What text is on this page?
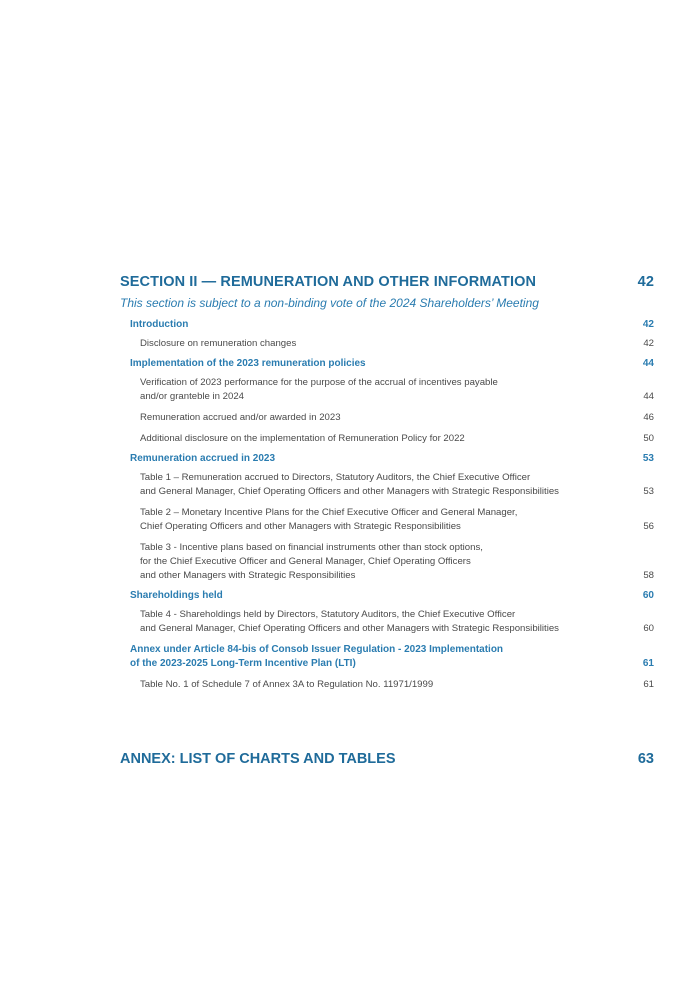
SECTION II — REMUNERATION AND OTHER INFORMATION	42
This section is subject to a non-binding vote of the 2024 Shareholders’ Meeting
Introduction	42
Disclosure on remuneration changes	42
Implementation of the 2023 remuneration policies	44
Verification of 2023 performance for the purpose of the accrual of incentives payable
and/or granteble in 2024	44
Remuneration accrued and/or awarded in 2023	46
Additional disclosure on the implementation of Remuneration Policy for 2022	50
Remuneration accrued in 2023	53
Table 1 – Remuneration accrued to Directors, Statutory Auditors, the Chief Executive Officer
and General Manager, Chief Operating Officers and other Managers with Strategic Responsibilities	53
Table 2 – Monetary Incentive Plans for the Chief Executive Officer and General Manager,
Chief Operating Officers and other Managers with Strategic Responsibilities	56
Table 3 - Incentive plans based on financial instruments other than stock options,
for the Chief Executive Officer and General Manager, Chief Operating Officers
and other Managers with Strategic Responsibilities	58
Shareholdings held	60
Table 4 - Shareholdings held by Directors, Statutory Auditors, the Chief Executive Officer
and General Manager, Chief Operating Officers and other Managers with Strategic Responsibilities	60
Annex under Article 84-bis of Consob Issuer Regulation - 2023 Implementation
of the 2023-2025 Long-Term Incentive Plan (LTI)	61
Table No. 1 of Schedule 7 of Annex 3A to Regulation No. 11971/1999	61
ANNEX: LIST OF CHARTS AND TABLES	63
